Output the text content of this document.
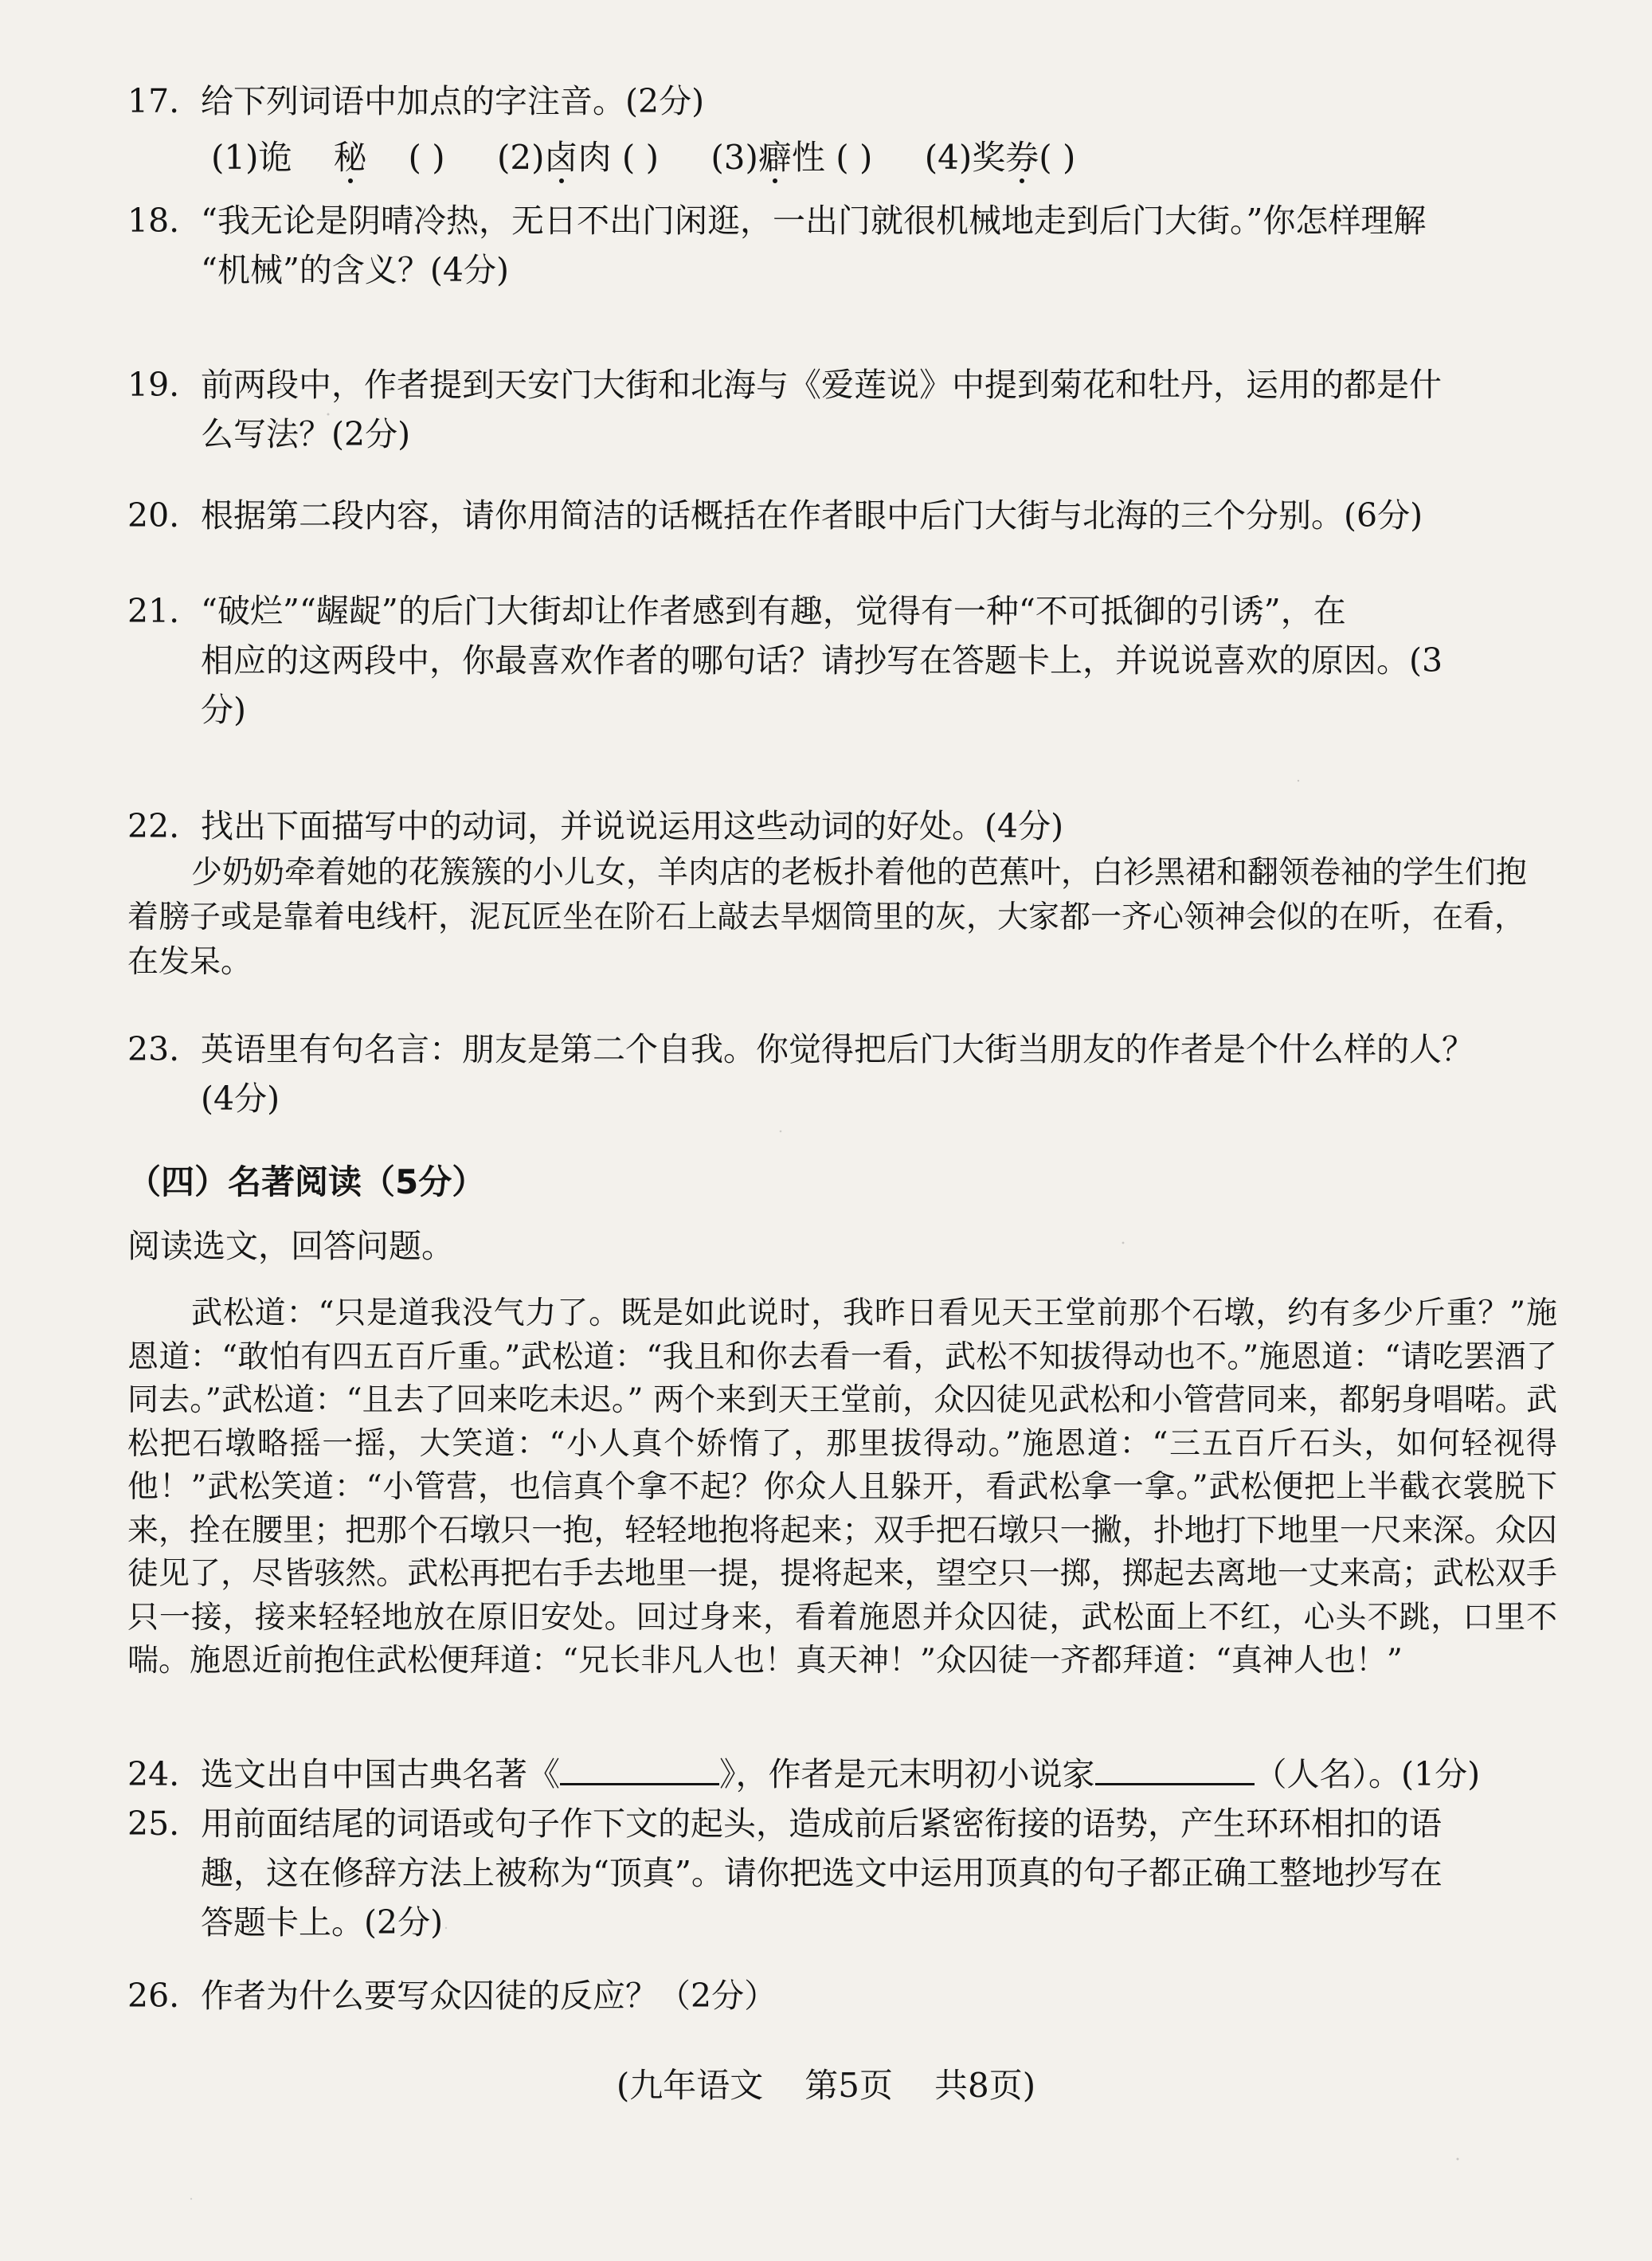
17. 给下列词语中加点的字注音。(2分)
(1)诡 秘 ( ) (2)卤肉 ( ) (3)癖性 ( ) (4)奖券( )
18. “我无论是阴晴冷热，无日不出门闲逛，一出门就很机械地走到后门大街。”你怎样理解
“机械”的含义？(4分)
19. 前两段中，作者提到天安门大街和北海与《爱莲说》中提到菊花和牡丹，运用的都是什
么写法？(2分)
20. 根据第二段内容，请你用简洁的话概括在作者眼中后门大街与北海的三个分别。(6分)
21. “破烂”“龌龊”的后门大街却让作者感到有趣，觉得有一种“不可抵御的引诱”，在
相应的这两段中，你最喜欢作者的哪句话？请抄写在答题卡上，并说说喜欢的原因。(3
分)
22. 找出下面描写中的动词，并说说运用这些动词的好处。(4分)

少奶奶牵着她的花簇簇的小儿女，羊肉店的老板扑着他的芭蕉叶，白衫黑裙和翻领卷袖的学生们抱着膀子或是靠着电线杆，泥瓦匠坐在阶石上敲去旱烟筒里的灰，大家都一齐心领神会似的在听，在看，在发呆。

23. 英语里有句名言：朋友是第二个自我。你觉得把后门大街当朋友的作者是个什么样的人？
(4分)

（四）名著阅读（5分）

阅读选文，回答问题。

武松道：“只是道我没气力了。既是如此说时，我昨日看见天王堂前那个石墩，约有多少斤重？”施恩道：“敢怕有四五百斤重。”武松道：“我且和你去看一看，武松不知拔得动也不。”施恩道：“请吃罢酒了同去。”武松道：“且去了回来吃未迟。” 两个来到天王堂前，众囚徒见武松和小管营同来，都躬身唱喏。武松把石墩略摇一摇，大笑道：“小人真个娇惰了，那里拔得动。”施恩道：“三五百斤石头，如何轻视得他！”武松笑道：“小管营，也信真个拿不起？你众人且躲开，看武松拿一拿。”武松便把上半截衣裳脱下来，拴在腰里；把那个石墩只一抱，轻轻地抱将起来；双手把石墩只一撇，扑地打下地里一尺来深。众囚徒见了，尽皆骇然。武松再把右手去地里一提，提将起来，望空只一掷，掷起去离地一丈来高；武松双手只一接，接来轻轻地放在原旧安处。回过身来，看着施恩并众囚徒，武松面上不红，心头不跳，口里不喘。施恩近前抱住武松便拜道：“兄长非凡人也！真天神！”众囚徒一齐都拜道：“真神人也！”

24. 选文出自中国古典名著《	》，作者是元末明初小说家	（人名）。(1分)
25. 用前面结尾的词语或句子作下文的起头，造成前后紧密衔接的语势，产生环环相扣的语
趣，这在修辞方法上被称为“顶真”。请你把选文中运用顶真的句子都正确工整地抄写在
答题卡上。(2分)
26. 作者为什么要写众囚徒的反应？（2分）
(九年语文 第5页 共8页)
